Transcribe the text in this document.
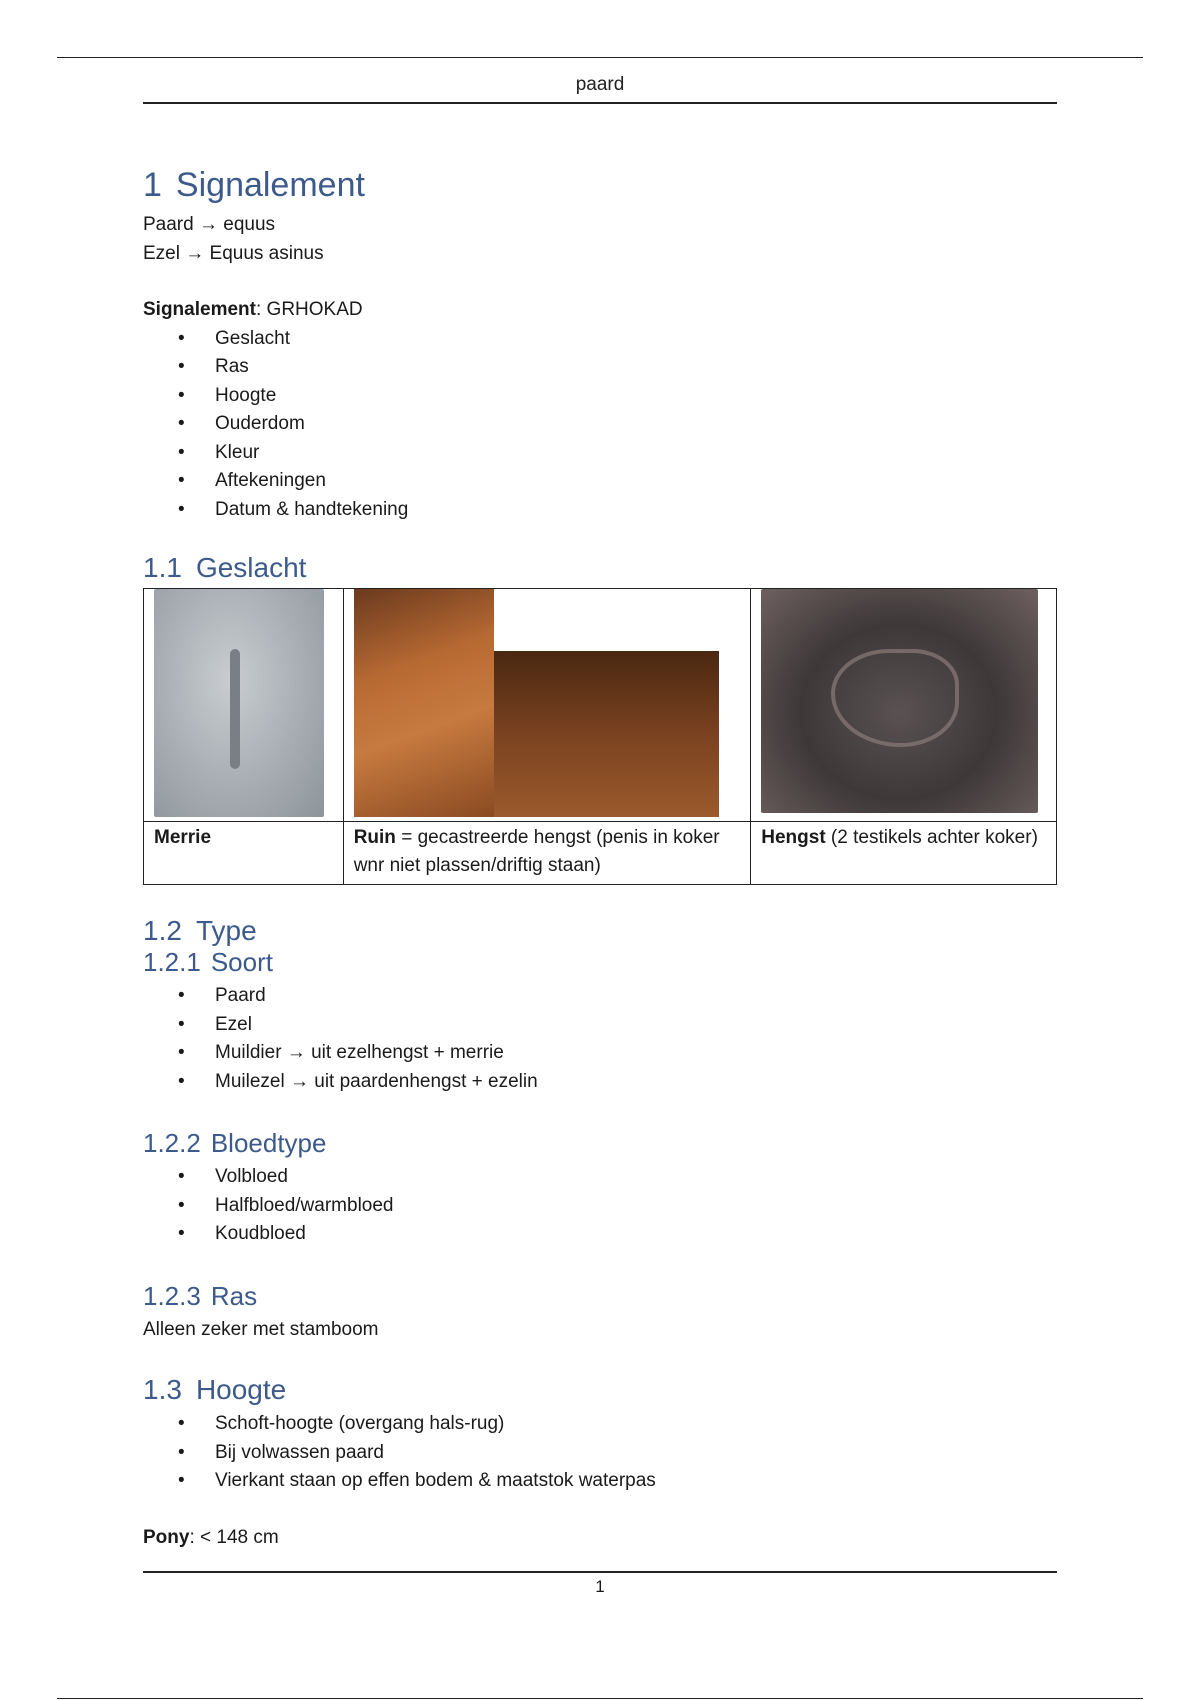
paard
1 Signalement

Paard → equus

Ezel → Equus asinus

Signalement: GRHOKAD

• Geslacht
• Ras
• Hoogte
• Ouderdom
• Kleur
• Aftekeningen
• Datum & handtekening
1.1 Geslacht

Merrie	Ruin = gecastreerde hengst (penis in koker wnr niet plassen/driftig staan)	Hengst (2 testikels achter koker)
1.2 Type
1.2.1 Soort
• Paard
• Ezel
• Muildier → uit ezelhengst + merrie
• Muilezel → uit paardenhengst + ezelin
1.2.2 Bloedtype
• Volbloed
• Halfbloed/warmbloed
• Koudbloed
1.2.3 Ras

Alleen zeker met stamboom

1.3 Hoogte
• Schoft-hoogte (overgang hals-rug)
• Bij volwassen paard
• Vierkant staan op effen bodem & maatstok waterpas

Pony: < 148 cm

1
